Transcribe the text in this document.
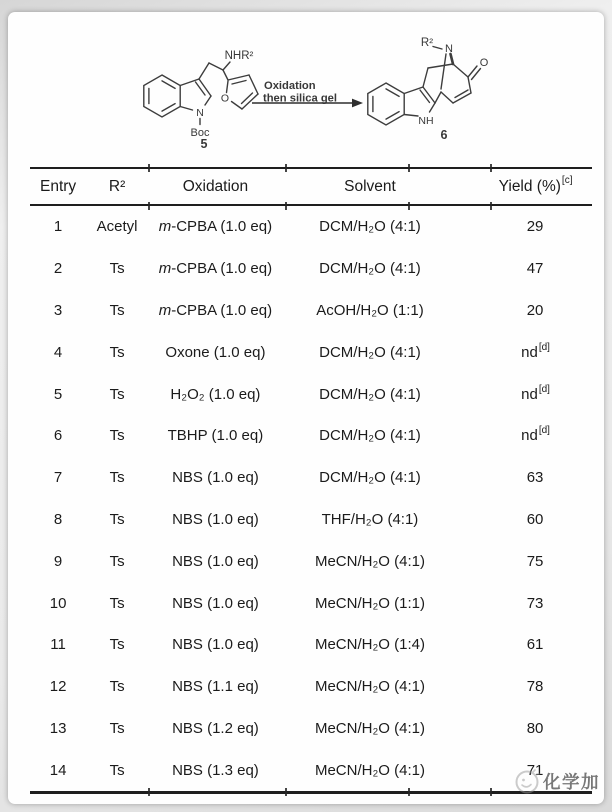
N
Boc
NHR²
O
5
Oxidation
then silica gel
NH
O
N
R²
6
Entry	R²	Oxidation	Solvent	Yield (%)[c]
1	Acetyl	m-CPBA (1.0 eq)	DCM/H₂O (4:1)	29
2	Ts	m-CPBA (1.0 eq)	DCM/H₂O (4:1)	47
3	Ts	m-CPBA (1.0 eq)	AcOH/H₂O (1:1)	20
4	Ts	Oxone (1.0 eq)	DCM/H₂O (4:1)	nd[d]
5	Ts	H₂O₂ (1.0 eq)	DCM/H₂O (4:1)	nd[d]
6	Ts	TBHP (1.0 eq)	DCM/H₂O (4:1)	nd[d]
7	Ts	NBS (1.0 eq)	DCM/H₂O (4:1)	63
8	Ts	NBS (1.0 eq)	THF/H₂O (4:1)	60
9	Ts	NBS (1.0 eq)	MeCN/H₂O (4:1)	75
10	Ts	NBS (1.0 eq)	MeCN/H₂O (1:1)	73
11	Ts	NBS (1.0 eq)	MeCN/H₂O (1:4)	61
12	Ts	NBS (1.1 eq)	MeCN/H₂O (4:1)	78
13	Ts	NBS (1.2 eq)	MeCN/H₂O (4:1)	80
14	Ts	NBS (1.3 eq)	MeCN/H₂O (4:1)	71
化学加
